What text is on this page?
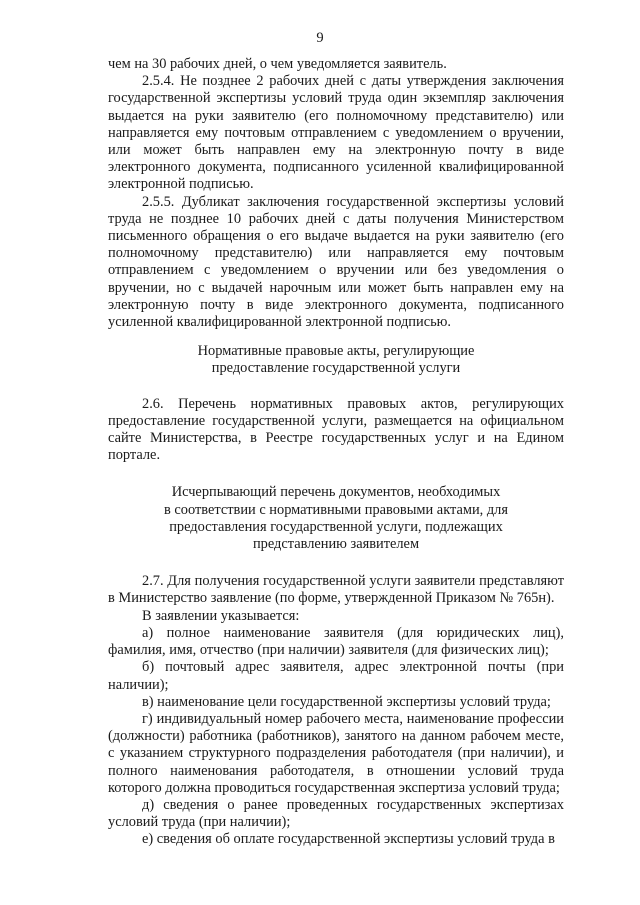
9

чем на 30 рабочих дней, о чем уведомляется заявитель.

2.5.4. Не позднее 2 рабочих дней с даты утверждения заключения государственной экспертизы условий труда один экземпляр заключения выдается на руки заявителю (его полномочному представителю) или направляется ему почтовым отправлением с уведомлением о вручении, или может быть направлен ему на электронную почту в виде электронного документа, подписанного усиленной квалифицированной электронной подписью.

2.5.5. Дубликат заключения государственной экспертизы условий труда не позднее 10 рабочих дней с даты получения Министерством письменного обращения о его выдаче выдается на руки заявителю (его полномочному представителю) или направляется ему почтовым отправлением с уведомлением о вручении или без уведомления о вручении, но с выдачей нарочным или может быть направлен ему на электронную почту в виде электронного документа, подписанного усиленной квалифицированной электронной подписью.

Нормативные правовые акты, регулирующие
предоставление государственной услуги

2.6. Перечень нормативных правовых актов, регулирующих предоставление государственной услуги, размещается на официальном сайте Министерства, в Реестре государственных услуг и на Едином портале.

Исчерпывающий перечень документов, необходимых
в соответствии с нормативными правовыми актами, для
предоставления государственной услуги, подлежащих
представлению заявителем

2.7. Для получения государственной услуги заявители представляют в Министерство заявление (по форме, утвержденной Приказом № 765н).

В заявлении указывается:

а) полное наименование заявителя (для юридических лиц), фамилия, имя, отчество (при наличии) заявителя (для физических лиц);

б) почтовый адрес заявителя, адрес электронной почты (при наличии);

в) наименование цели государственной экспертизы условий труда;

г) индивидуальный номер рабочего места, наименование профессии (должности) работника (работников), занятого на данном рабочем месте, с указанием структурного подразделения работодателя (при наличии), и полного наименования работодателя, в отношении условий труда которого должна проводиться государственная экспертиза условий труда;

д) сведения о ранее проведенных государственных экспертизах условий труда (при наличии);

е) сведения об оплате государственной экспертизы условий труда в
